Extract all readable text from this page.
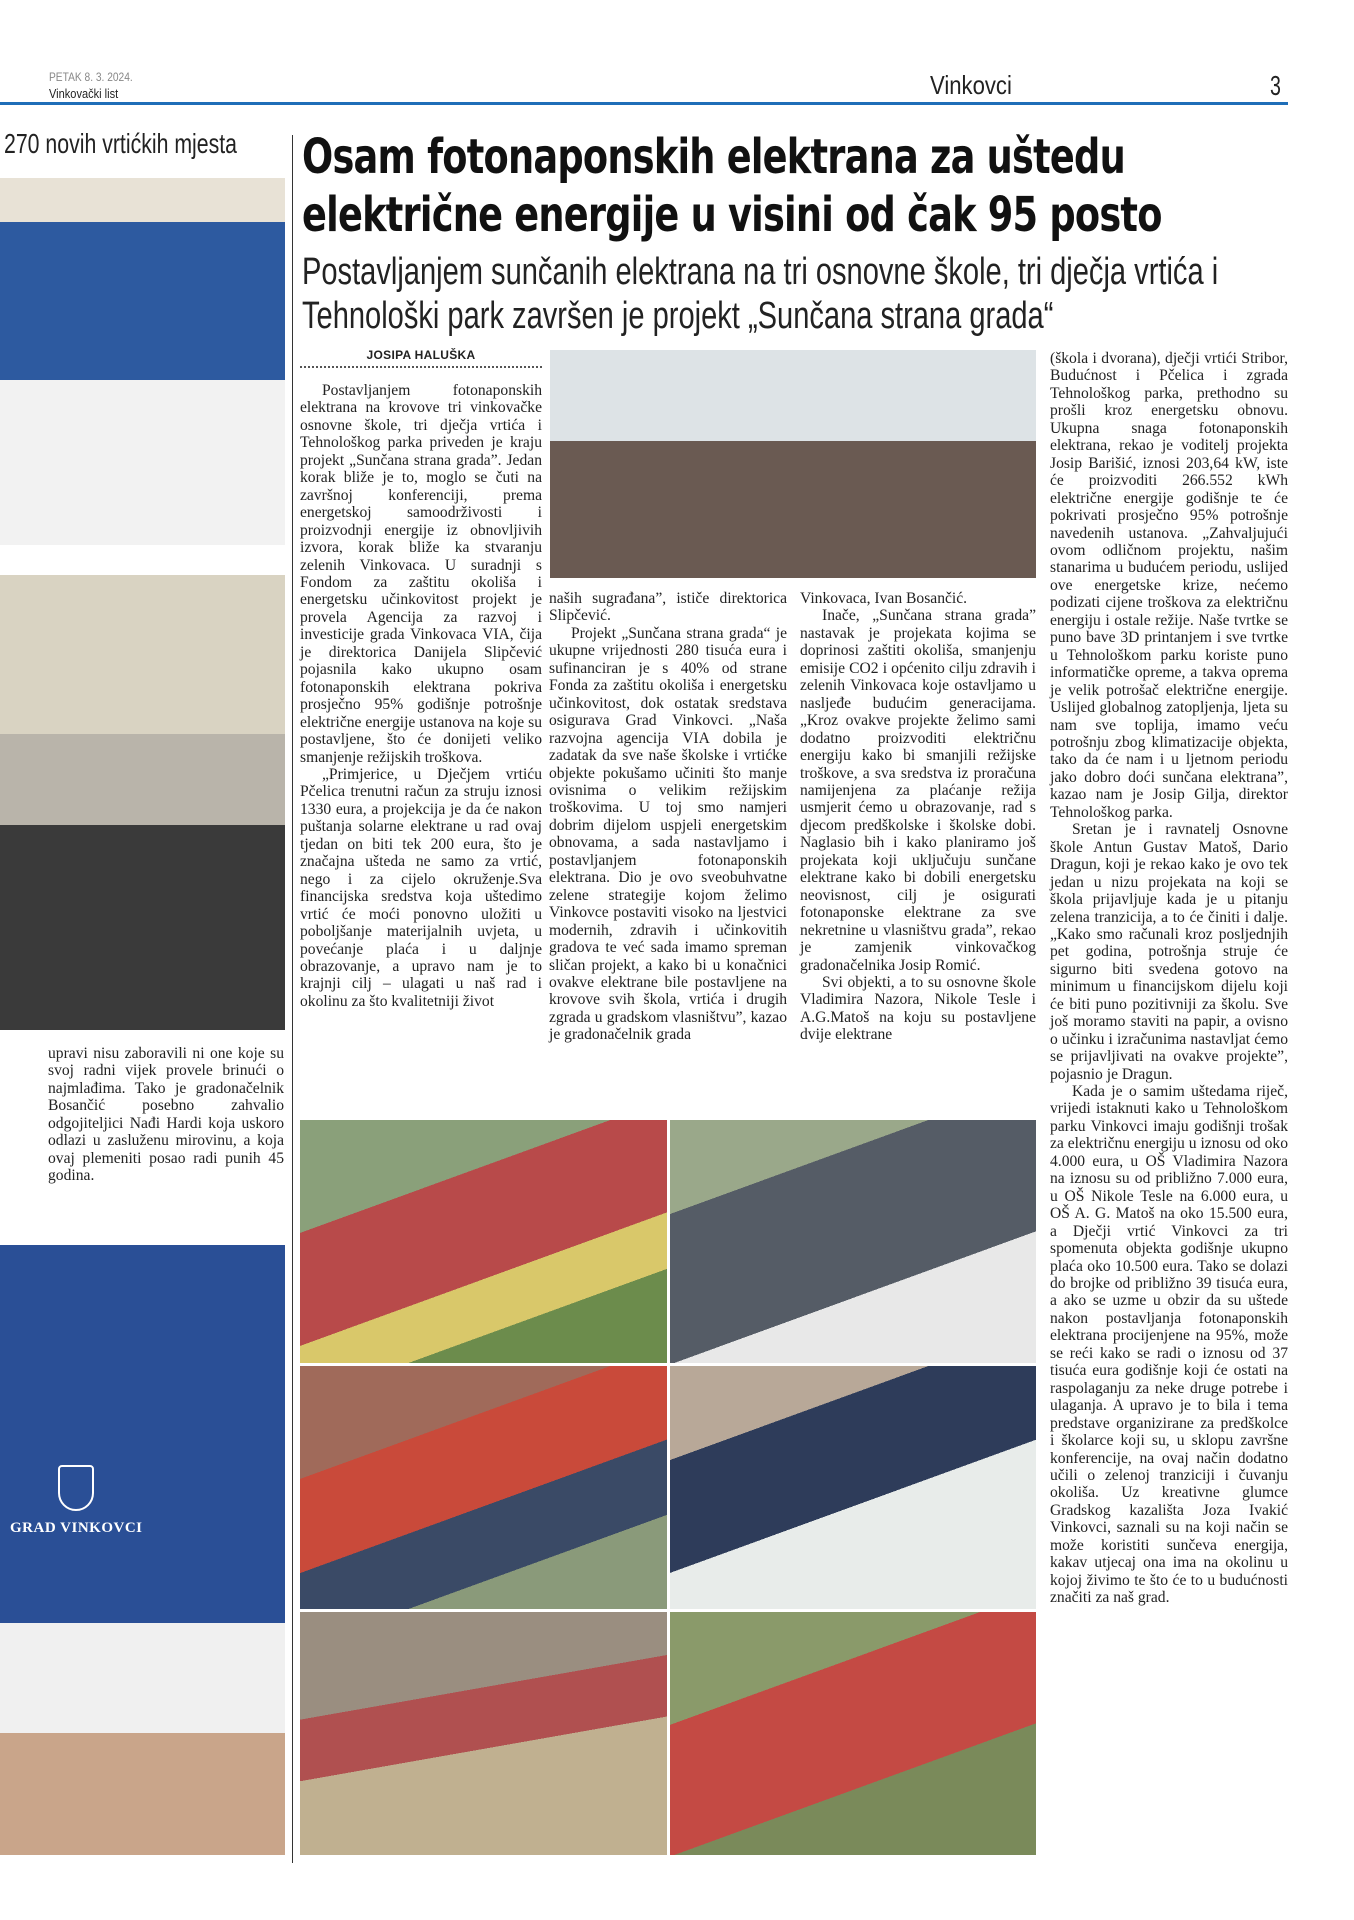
PETAK 8. 3. 2024.
Vinkovački list	Vinkovci	3
270 novih vrtićkih mjesta

upravi nisu zaboravili ni one koje su svoj radni vijek provele brinući o najmlađima. Tako je gradonačelnik Bosančić posebno zahvalio odgojiteljici Nađi Hardi koja uskoro odlazi u zasluženu mirovinu, a koja ovaj plemeniti posao radi punih 45 godina.

GRAD VINKOVCI
Osam fotonaponskih elektrana za uštedu električne energije u visini od čak 95 posto
Postavljanjem sunčanih elektrana na tri osnovne škole, tri dječja vrtića i Tehnološki park završen je projekt „Sunčana strana grada“
JOSIPA HALUŠKA

Postavljanjem fotonaponskih elektrana na krovove tri vinkovačke osnovne škole, tri dječja vrtića i Tehnološkog parka priveden je kraju projekt „Sunčana strana grada”. Jedan korak bliže je to, moglo se čuti na završnoj konferenciji, prema energetskoj samoodrživosti i proizvodnji energije iz obnovljivih izvora, korak bliže ka stvaranju zelenih Vinkovaca. U suradnji s Fondom za zaštitu okoliša i energetsku učinkovitost projekt je provela Agencija za razvoj i investicije grada Vinkovaca VIA, čija je direktorica Danijela Slipčević pojasnila kako ukupno osam fotonaponskih elektrana pokriva prosječno 95% godišnje potrošnje električne energije ustanova na koje su postavljene, što će donijeti veliko smanjenje režijskih troškova.

„Primjerice, u Dječjem vrtiću Pčelica trenutni račun za struju iznosi 1330 eura, a projekcija je da će nakon puštanja solarne elektrane u rad ovaj tjedan on biti tek 200 eura, što je značajna ušteda ne samo za vrtić, nego i za cijelo okruženje.Sva financijska sredstva koja uštedimo vrtić će moći ponovno uložiti u poboljšanje materijalnih uvjeta, u povećanje plaća i u daljnje obrazovanje, a upravo nam je to krajnji cilj – ulagati u naš rad i okolinu za što kvalitetniji život

naših sugrađana”, ističe direktorica Slipčević.

Projekt „Sunčana strana grada“ je ukupne vrijednosti 280 tisuća eura i sufinanciran je s 40% od strane Fonda za zaštitu okoliša i energetsku učinkovitost, dok ostatak sredstava osigurava Grad Vinkovci. „Naša razvojna agencija VIA dobila je zadatak da sve naše školske i vrtićke objekte pokušamo učiniti što manje ovisnima o velikim režijskim troškovima. U toj smo namjeri dobrim dijelom uspjeli energetskim obnovama, a sada nastavljamo i postavljanjem fotonaponskih elektrana. Dio je ovo sveobuhvatne zelene strategije kojom želimo Vinkovce postaviti visoko na ljestvici modernih, zdravih i učinkovitih gradova te već sada imamo spreman sličan projekt, a kako bi u konačnici ovakve elektrane bile postavljene na krovove svih škola, vrtića i drugih zgrada u gradskom vlasništvu”, kazao je gradonačelnik grada

Vinkovaca, Ivan Bosančić.

Inače, „Sunčana strana grada” nastavak je projekata kojima se doprinosi zaštiti okoliša, smanjenju emisije CO2 i općenito cilju zdravih i zelenih Vinkovaca koje ostavljamo u nasljeđe budućim generacijama. „Kroz ovakve projekte želimo sami dodatno proizvoditi električnu energiju kako bi smanjili režijske troškove, a sva sredstva iz proračuna namijenjena za plaćanje režija usmjerit ćemo u obrazovanje, rad s djecom predškolske i školske dobi. Naglasio bih i kako planiramo još projekata koji uključuju sunčane elektrane kako bi dobili energetsku neovisnost, cilj je osigurati fotonaponske elektrane za sve nekretnine u vlasništvu grada”, rekao je zamjenik vinkovačkog gradonačelnika Josip Romić.

Svi objekti, a to su osnovne škole Vladimira Nazora, Nikole Tesle i A.G.Matoš na koju su postavljene dvije elektrane

(škola i dvorana), dječji vrtići Stribor, Budućnost i Pčelica i zgrada Tehnološkog parka, prethodno su prošli kroz energetsku obnovu. Ukupna snaga fotonaponskih elektrana, rekao je voditelj projekta Josip Barišić, iznosi 203,64 kW, iste će proizvoditi 266.552 kWh električne energije godišnje te će pokrivati prosječno 95% potrošnje navedenih ustanova. „Zahvaljujući ovom odličnom projektu, našim stanarima u budućem periodu, uslijed ove energetske krize, nećemo podizati cijene troškova za električnu energiju i ostale režije. Naše tvrtke se puno bave 3D printanjem i sve tvrtke u Tehnološkom parku koriste puno informatičke opreme, a takva oprema je velik potrošač električne energije. Uslijed globalnog zatopljenja, ljeta su nam sve toplija, imamo veću potrošnju zbog klimatizacije objekta, tako da će nam i u ljetnom periodu jako dobro doći sunčana elektrana”, kazao nam je Josip Gilja, direktor Tehnološkog parka.

Sretan je i ravnatelj Osnovne škole Antun Gustav Matoš, Dario Dragun, koji je rekao kako je ovo tek jedan u nizu projekata na koji se škola prijavljuje kada je u pitanju zelena tranzicija, a to će činiti i dalje. „Kako smo računali kroz posljednjih pet godina, potrošnja struje će sigurno biti svedena gotovo na minimum u financijskom dijelu koji će biti puno pozitivniji za školu. Sve još moramo staviti na papir, a ovisno o učinku i izračunima nastavljat ćemo se prijavljivati na ovakve projekte”, pojasnio je Dragun.

Kada je o samim uštedama riječ, vrijedi istaknuti kako u Tehnološkom parku Vinkovci imaju godišnji trošak za električnu energiju u iznosu od oko 4.000 eura, u OŠ Vladimira Nazora na iznosu su od približno 7.000 eura, u OŠ Nikole Tesle na 6.000 eura, u OŠ A. G. Matoš na oko 15.500 eura, a Dječji vrtić Vinkovci za tri spomenuta objekta godišnje ukupno plaća oko 10.500 eura. Tako se dolazi do brojke od približno 39 tisuća eura, a ako se uzme u obzir da su uštede nakon postavljanja fotonaponskih elektrana procijenjene na 95%, može se reći kako se radi o iznosu od 37 tisuća eura godišnje koji će ostati na raspolaganju za neke druge potrebe i ulaganja. A upravo je to bila i tema predstave organizirane za predškolce i školarce koji su, u sklopu završne konferencije, na ovaj način dodatno učili o zelenoj tranziciji i čuvanju okoliša. Uz kreativne glumce Gradskog kazališta Joza Ivakić Vinkovci, saznali su na koji način se može koristiti sunčeva energija, kakav utjecaj ona ima na okolinu u kojoj živimo te što će to u budućnosti značiti za naš grad.
